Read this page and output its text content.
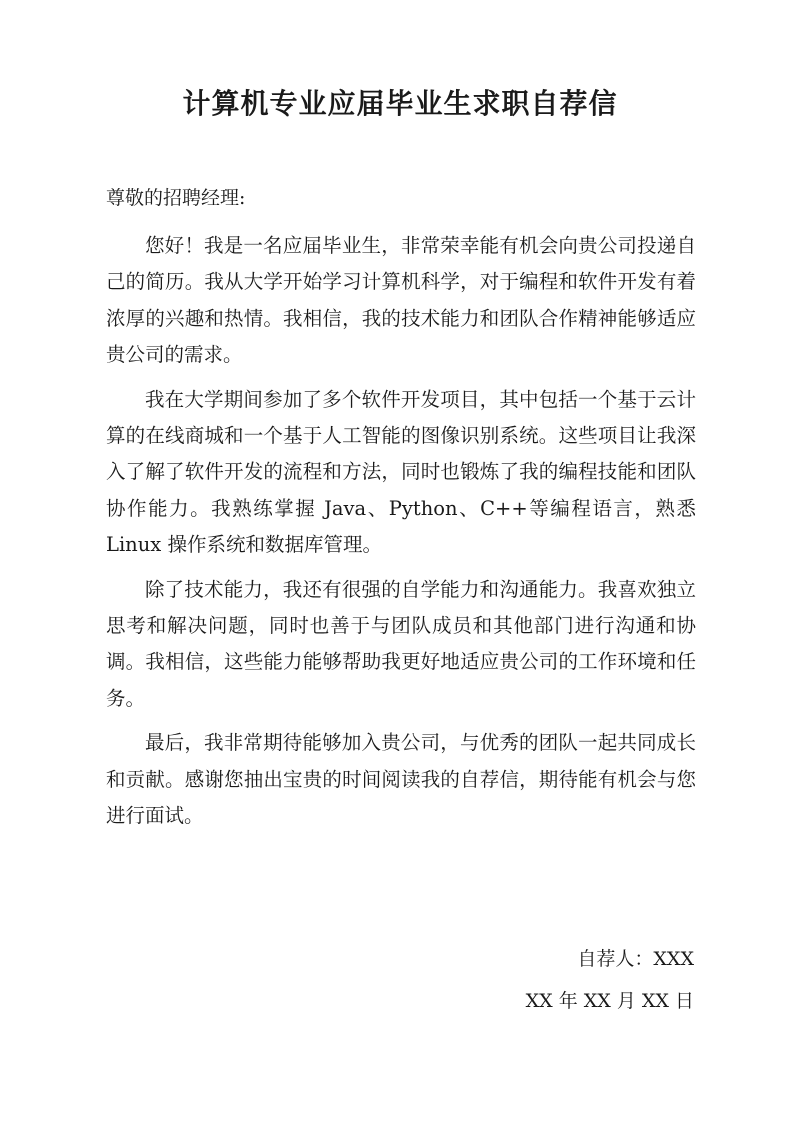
计算机专业应届毕业生求职自荐信
尊敬的招聘经理:

您好！我是一名应届毕业生，非常荣幸能有机会向贵公司投递自己的简历。我从大学开始学习计算机科学，对于编程和软件开发有着浓厚的兴趣和热情。我相信，我的技术能力和团队合作精神能够适应贵公司的需求。

我在大学期间参加了多个软件开发项目，其中包括一个基于云计算的在线商城和一个基于人工智能的图像识别系统。这些项目让我深入了解了软件开发的流程和方法，同时也锻炼了我的编程技能和团队协作能力。我熟练掌握 Java、Python、C++等编程语言，熟悉 Linux 操作系统和数据库管理。

除了技术能力，我还有很强的自学能力和沟通能力。我喜欢独立思考和解决问题，同时也善于与团队成员和其他部门进行沟通和协调。我相信，这些能力能够帮助我更好地适应贵公司的工作环境和任务。

最后，我非常期待能够加入贵公司，与优秀的团队一起共同成长和贡献。感谢您抽出宝贵的时间阅读我的自荐信，期待能有机会与您进行面试。

自荐人：XXX
XX 年 XX 月 XX 日
